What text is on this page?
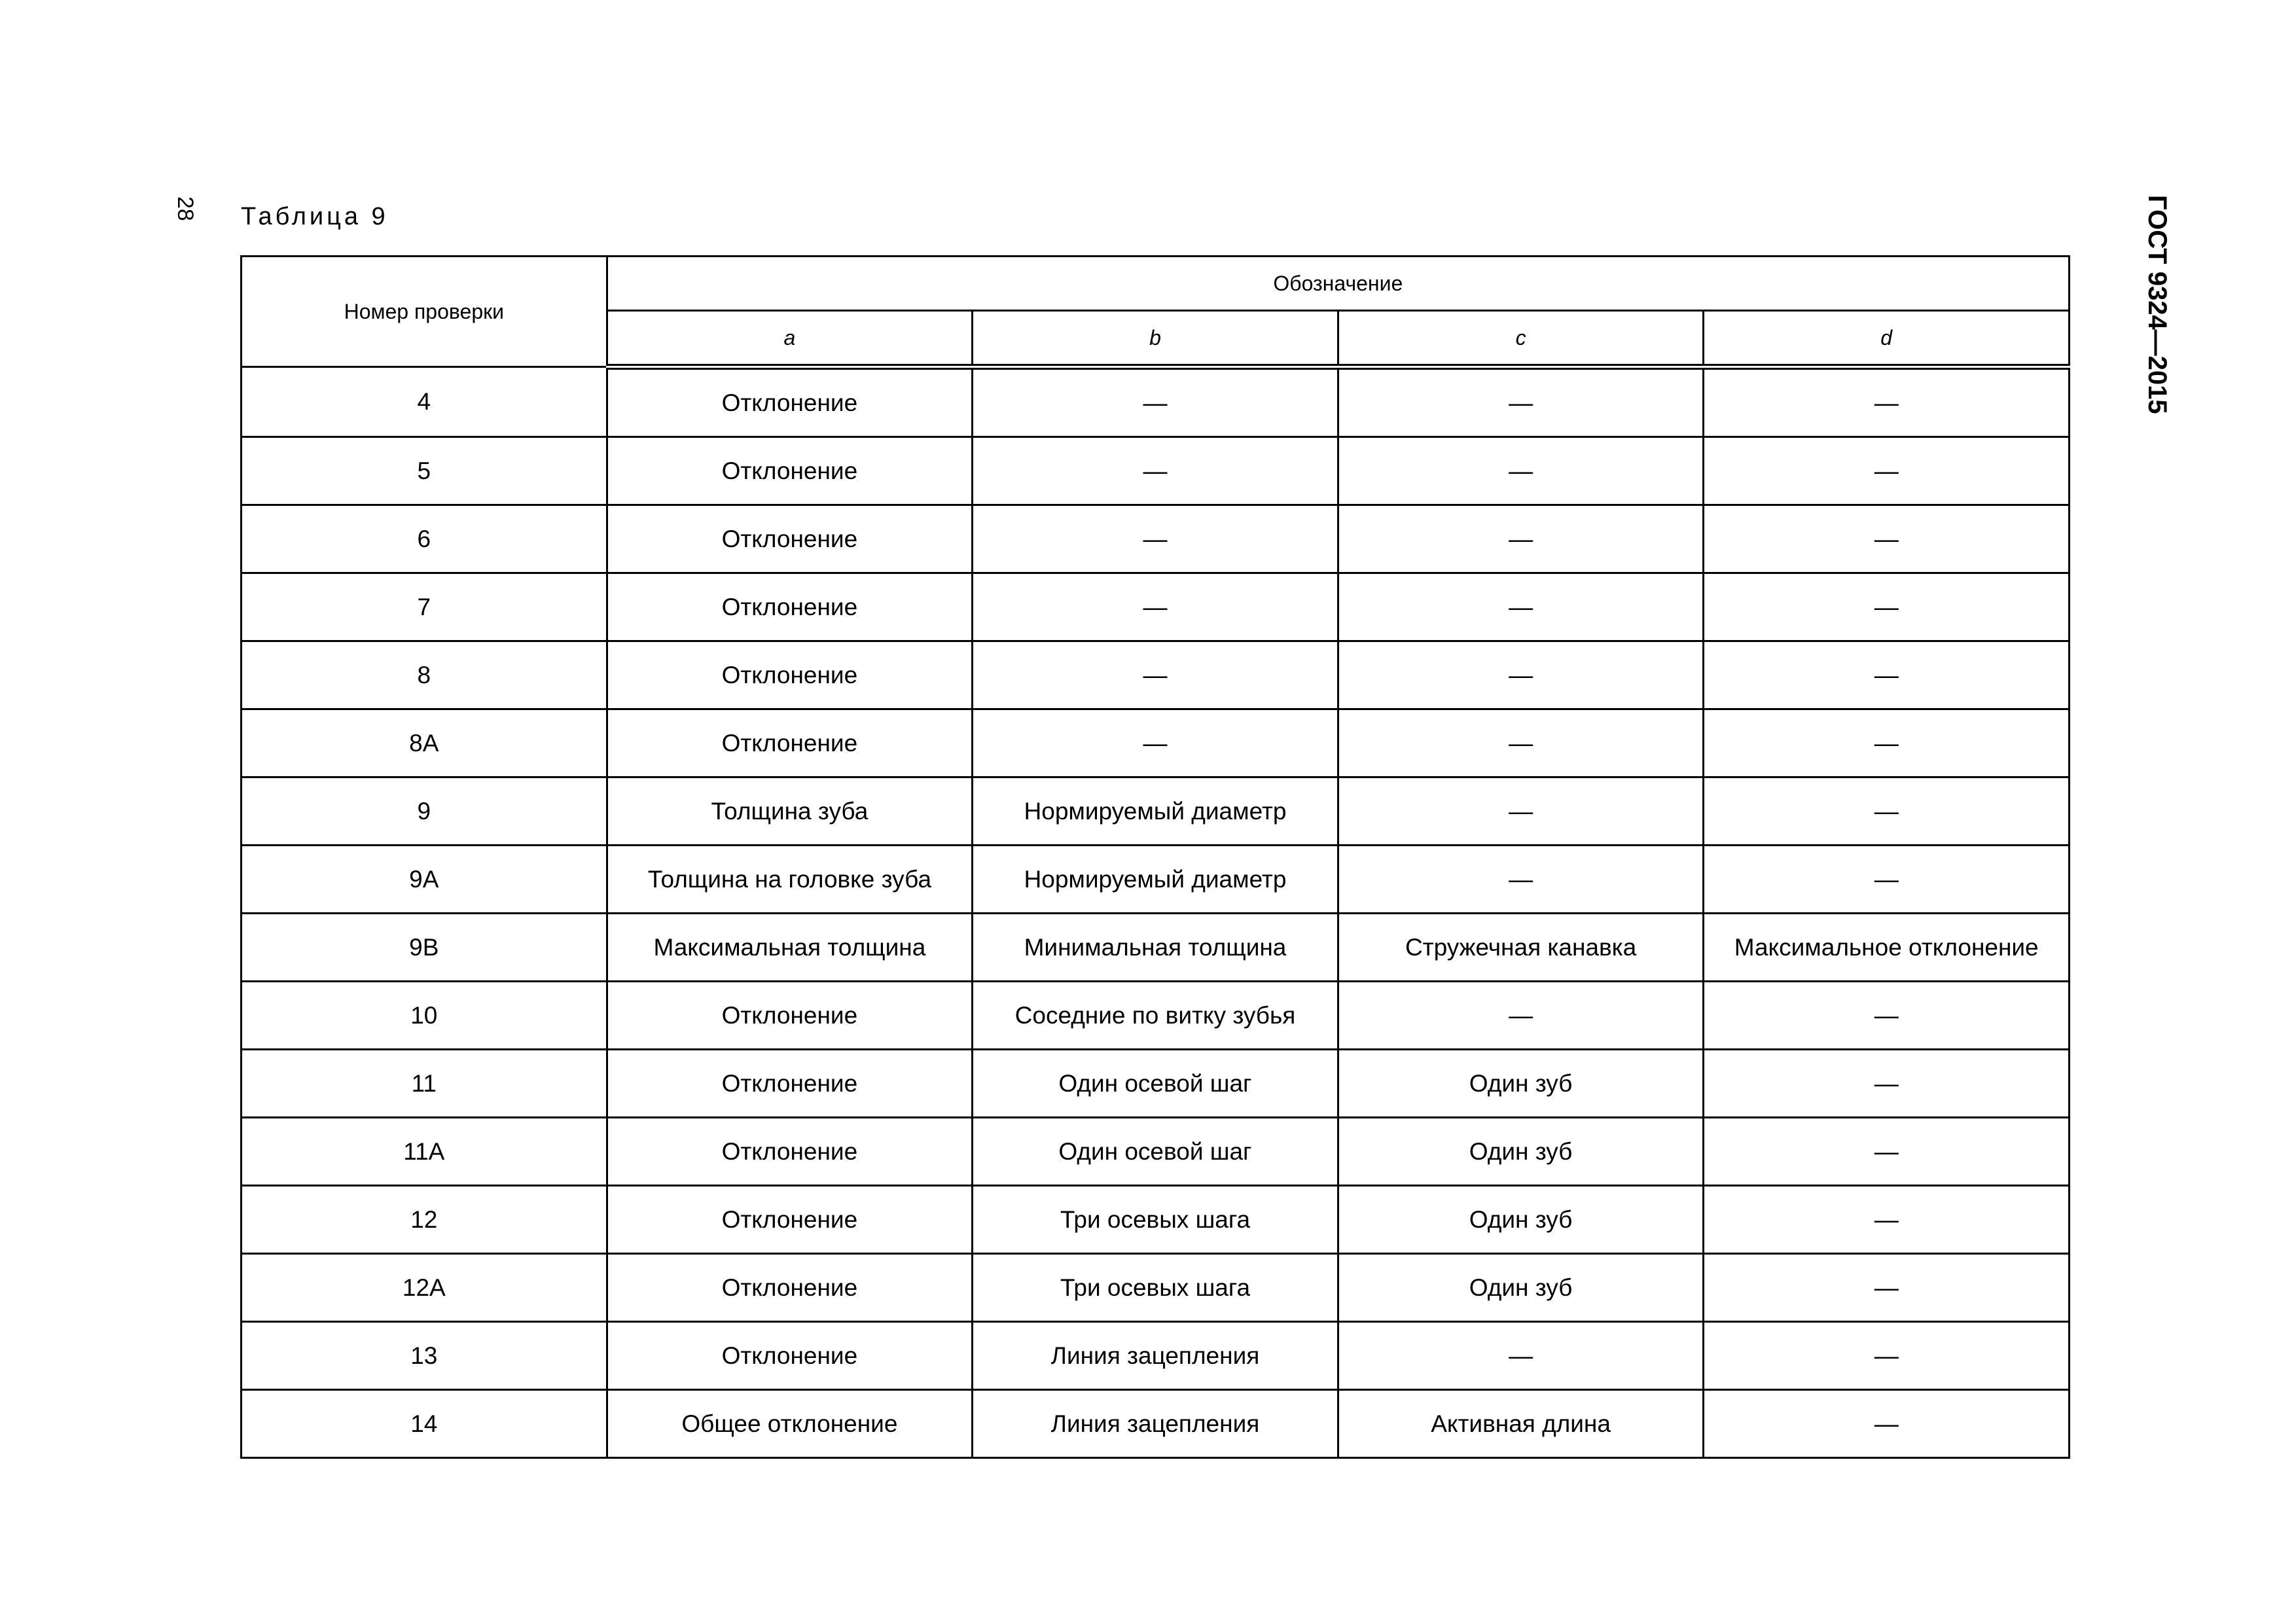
28 Таблица 9	ГОСТ 9324—2015
Номер проверки	Обозначение			
	a	b	c	d
4	Отклонение	—	—	—
5	Отклонение	—	—	—
6	Отклонение	—	—	—
7	Отклонение	—	—	—
8	Отклонение	—	—	—
8A	Отклонение	—	—	—
9	Толщина зуба	Нормируемый диаметр	—	—
9A	Толщина на головке зуба	Нормируемый диаметр	—	—
9B	Максимальная толщина	Минимальная толщина	Стружечная канавка	Максимальное отклонение
10	Отклонение	Соседние по витку зубья	—	—
11	Отклонение	Один осевой шаг	Один зуб	—
11A	Отклонение	Один осевой шаг	Один зуб	—
12	Отклонение	Три осевых шага	Один зуб	—
12A	Отклонение	Три осевых шага	Один зуб	—
13	Отклонение	Линия зацепления	—	—
14	Общее отклонение	Линия зацепления	Активная длина	—
